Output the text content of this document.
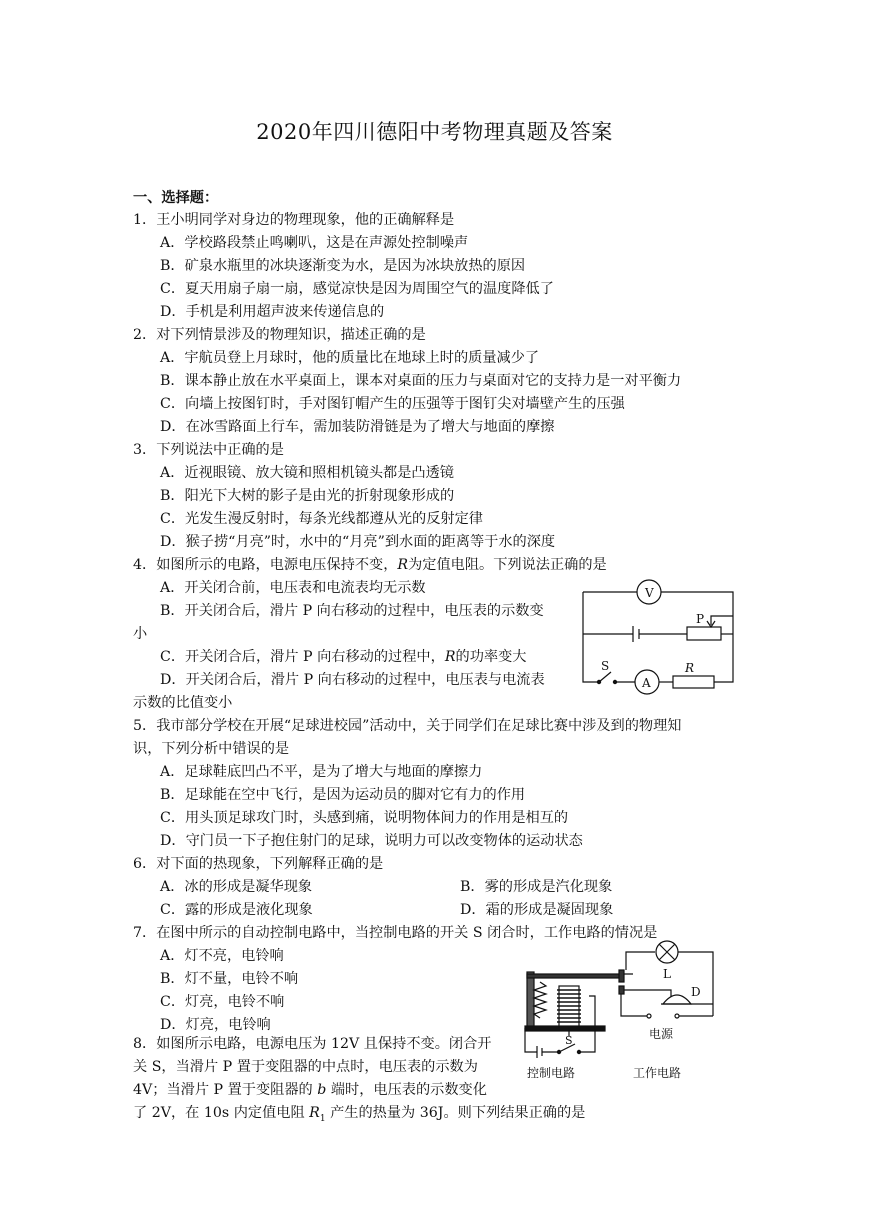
2020年四川德阳中考物理真题及答案
一、选择题：
1．王小明同学对身边的物理现象，他的正确解释是
A．学校路段禁止鸣喇叭，这是在声源处控制噪声
B．矿泉水瓶里的冰块逐渐变为水，是因为冰块放热的原因
C．夏天用扇子扇一扇，感觉凉快是因为周围空气的温度降低了
D．手机是利用超声波来传递信息的
2．对下列情景涉及的物理知识，描述正确的是
A．宇航员登上月球时，他的质量比在地球上时的质量减少了
B．课本静止放在水平桌面上，课本对桌面的压力与桌面对它的支持力是一对平衡力
C．向墙上按图钉时，手对图钉帽产生的压强等于图钉尖对墙壁产生的压强
D．在冰雪路面上行车，需加装防滑链是为了增大与地面的摩擦
3．下列说法中正确的是
A．近视眼镜、放大镜和照相机镜头都是凸透镜
B．阳光下大树的影子是由光的折射现象形成的
C．光发生漫反射时，每条光线都遵从光的反射定律
D．猴子捞“月亮”时，水中的“月亮”到水面的距离等于水的深度
4．如图所示的电路，电源电压保持不变，R为定值电阻。下列说法正确的是
A．开关闭合前，电压表和电流表均无示数
B．开关闭合后，滑片 P 向右移动的过程中，电压表的示数变
小
C．开关闭合后，滑片 P 向右移动的过程中，R的功率变大
D．开关闭合后，滑片 P 向右移动的过程中，电压表与电流表
示数的比值变小
V
P
S
A
R
5．我市部分学校在开展“足球进校园”活动中，关于同学们在足球比赛中涉及到的物理知
识，下列分析中错误的是
A．足球鞋底凹凸不平，是为了增大与地面的摩擦力
B．足球能在空中飞行，是因为运动员的脚对它有力的作用
C．用头顶足球攻门时，头感到痛，说明物体间力的作用是相互的
D．守门员一下子抱住射门的足球，说明力可以改变物体的运动状态
6．对下面的热现象，下列解释正确的是
A．冰的形成是凝华现象	B．雾的形成是汽化现象
C．露的形成是液化现象	D．霜的形成是凝固现象
7．在图中所示的自动控制电路中，当控制电路的开关 S 闭合时，工作电路的情况是
A．灯不亮，电铃响
B．灯不量，电铃不响
C．灯亮，电铃不响
D．灯亮，电铃响
S
控制电路
L
D
电源
工作电路
8．如图所示电路，电源电压为 12V 且保持不变。闭合开
关 S，当滑片 P 置于变阻器的中点时，电压表的示数为
4V；当滑片 P 置于变阻器的 b 端时，电压表的示数变化
了 2V，在 10s 内定值电阻 $R_1$ 产生的热量为 36J。则下列结果正确的是
